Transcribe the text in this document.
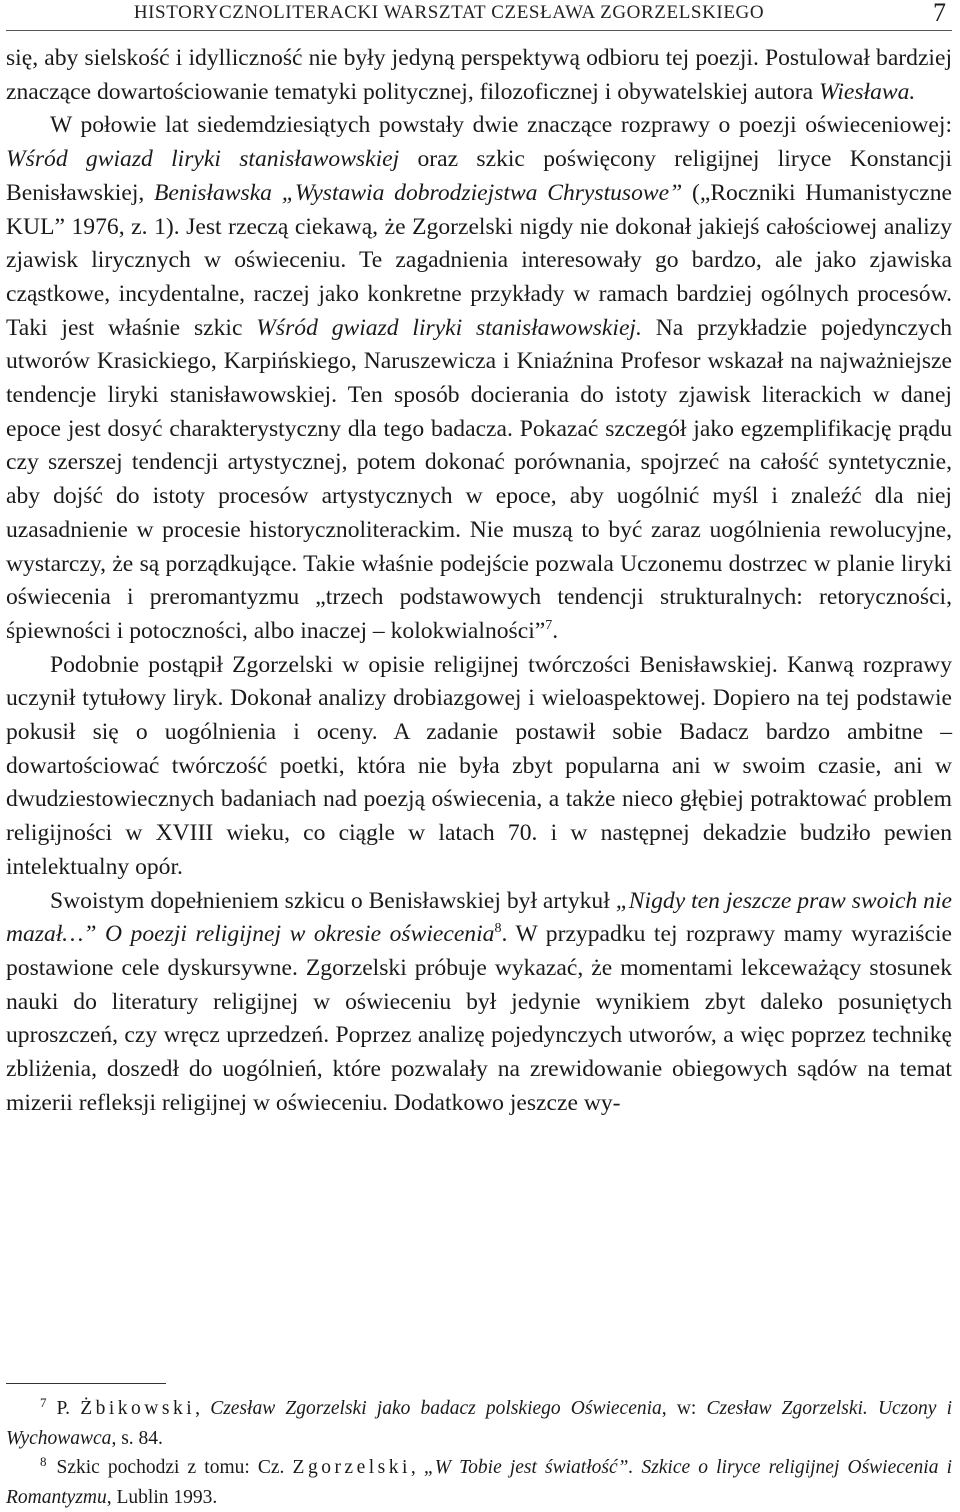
HISTORYCZNOLITERACKI WARSZTAT CZESŁAWA ZGORZELSKIEGO	7

się, aby sielskość i idylliczność nie były jedyną perspektywą odbioru tej poezji. Postulował bardziej znaczące dowartościowanie tematyki politycznej, filozoficznej i obywatelskiej autora Wiesława.

W połowie lat siedemdziesiątych powstały dwie znaczące rozprawy o poezji oświeceniowej: Wśród gwiazd liryki stanisławowskiej oraz szkic poświęcony religijnej liryce Konstancji Benisławskiej, Benisławska „Wystawia dobrodziejstwa Chrystusowe” („Roczniki Humanistyczne KUL” 1976, z. 1). Jest rzeczą ciekawą, że Zgorzelski nigdy nie dokonał jakiejś całościowej analizy zjawisk lirycznych w oświeceniu. Te zagadnienia interesowały go bardzo, ale jako zjawiska cząstkowe, incydentalne, raczej jako konkretne przykłady w ramach bardziej ogólnych procesów. Taki jest właśnie szkic Wśród gwiazd liryki stanisławowskiej. Na przykładzie pojedynczych utworów Krasickiego, Karpińskiego, Naruszewicza i Kniaźnina Profesor wskazał na najważniejsze tendencje liryki stanisławowskiej. Ten sposób docierania do istoty zjawisk literackich w danej epoce jest dosyć charakterystyczny dla tego badacza. Pokazać szczegół jako egzemplifikację prądu czy szerszej tendencji artystycznej, potem dokonać porównania, spojrzeć na całość syntetycznie, aby dojść do istoty procesów artystycznych w epoce, aby uogólnić myśl i znaleźć dla niej uzasadnienie w procesie historycznoliterackim. Nie muszą to być zaraz uogólnienia rewolucyjne, wystarczy, że są porządkujące. Takie właśnie podejście pozwala Uczonemu dostrzec w planie liryki oświecenia i preromantyzmu „trzech podstawowych tendencji strukturalnych: retoryczności, śpiewności i potoczności, albo inaczej – kolokwialności”$^7$.

Podobnie postąpił Zgorzelski w opisie religijnej twórczości Benisławskiej. Kanwą rozprawy uczynił tytułowy liryk. Dokonał analizy drobiazgowej i wieloaspektowej. Dopiero na tej podstawie pokusił się o uogólnienia i oceny. A zadanie postawił sobie Badacz bardzo ambitne – dowartościować twórczość poetki, która nie była zbyt popularna ani w swoim czasie, ani w dwudziestowiecznych badaniach nad poezją oświecenia, a także nieco głębiej potraktować problem religijności w XVIII wieku, co ciągle w latach 70. i w następnej dekadzie budziło pewien intelektualny opór.

Swoistym dopełnieniem szkicu o Benisławskiej był artykuł „Nigdy ten jeszcze praw swoich nie mazał…” O poezji religijnej w okresie oświecenia$^8$. W przypadku tej rozprawy mamy wyraziście postawione cele dyskursywne. Zgorzelski próbuje wykazać, że momentami lekceważący stosunek nauki do literatury religijnej w oświeceniu był jedynie wynikiem zbyt daleko posuniętych uproszczeń, czy wręcz uprzedzeń. Poprzez analizę pojedynczych utworów, a więc poprzez technikę zbliżenia, doszedł do uogólnień, które pozwalały na zrewidowanie obiegowych sądów na temat mizerii refleksji religijnej w oświeceniu. Dodatkowo jeszcze wy-

$^7$ P. Żbikowski, Czesław Zgorzelski jako badacz polskiego Oświecenia, w: Czesław Zgorzelski. Uczony i Wychowawca, s. 84.

$^8$ Szkic pochodzi z tomu: Cz. Zgorzelski, „W Tobie jest światłość”. Szkice o liryce religijnej Oświecenia i Romantyzmu, Lublin 1993.
